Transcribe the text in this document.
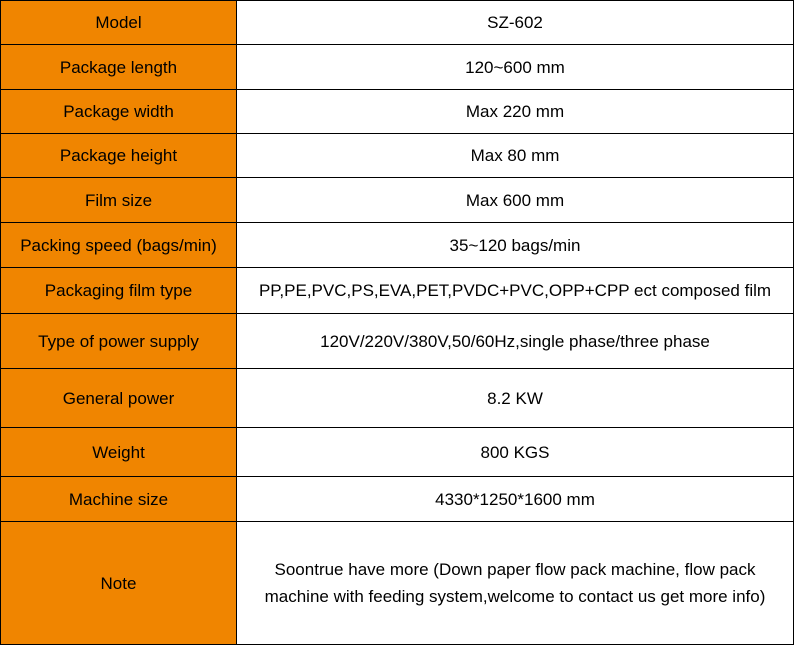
Model	SZ-602
Package length	120~600 mm
Package width	Max 220 mm
Package height	Max 80 mm
Film size	Max 600 mm
Packing speed (bags/min)	35~120 bags/min
Packaging film type	PP,PE,PVC,PS,EVA,PET,PVDC+PVC,OPP+CPP ect composed film
Type of power supply	120V/220V/380V,50/60Hz,single phase/three phase
General power	8.2 KW
Weight	800 KGS
Machine size	4330*1250*1600 mm
Note	Soontrue have more (Down paper flow pack machine, flow pack machine with feeding system,welcome to contact us get more info)
